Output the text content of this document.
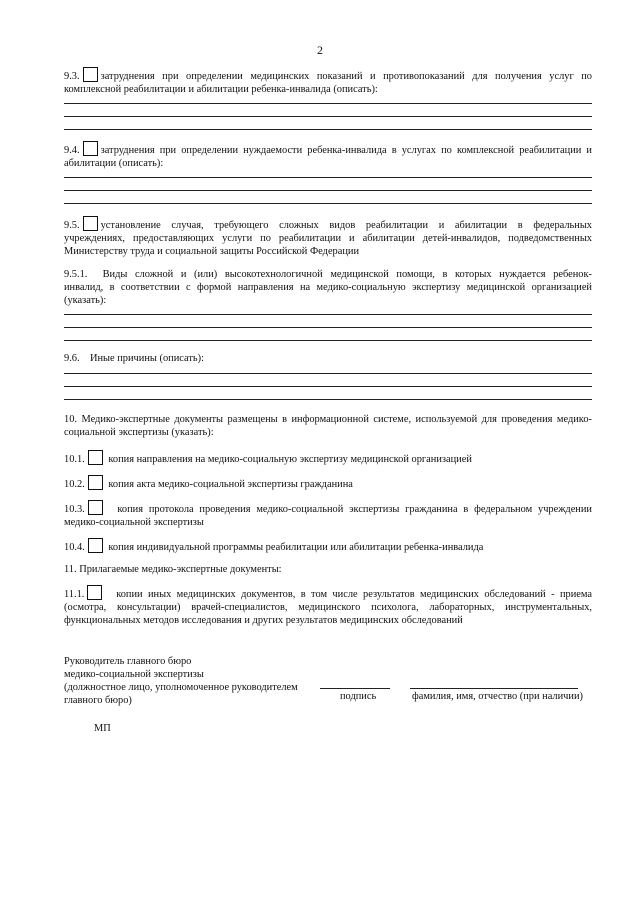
2
9.3. затруднения при определении медицинских показаний и противопоказаний для получения услуг по
комплексной реабилитации и абилитации ребенка-инвалида (описать):
9.4. затруднения при определении нуждаемости ребенка-инвалида в услугах по комплексной реабилитации и
абилитации (описать):
9.5. установление случая, требующего сложных видов реабилитации и абилитации в федеральных
учреждениях, предоставляющих услуги по реабилитации и абилитации детей-инвалидов, подведомственных
Министерству труда и социальной защиты Российской Федерации
9.5.1. Виды сложной и (или) высокотехнологичной медицинской помощи, в которых нуждается ребенок-
инвалид, в соответствии с формой направления на медико-социальную экспертизу медицинской организацией
(указать):
9.6. Иные причины (описать):
10. Медико-экспертные документы размещены в информационной системе, используемой для проведения медико-
социальной экспертизы (указать):
10.1. копия направления на медико-социальную экспертизу медицинской организацией
10.2. копия акта медико-социальной экспертизы гражданина
10.3.	копия протокола проведения медико-социальной экспертизы гражданина в федеральном учреждении
медико-социальной экспертизы
10.4. копия индивидуальной программы реабилитации или абилитации ребенка-инвалида
11. Прилагаемые медико-экспертные документы:
11.1.	копии иных медицинских документов, в том числе результатов медицинских обследований - приема
(осмотра, консультации) врачей-специалистов, медицинского психолога, лабораторных, инструментальных,
функциональных методов исследования и других результатов медицинских обследований
Руководитель главного бюро
медико-социальной экспертизы
(должностное лицо, уполномоченное руководителем
главного бюро)	подпись	фамилия, имя, отчество (при наличии)
МП
